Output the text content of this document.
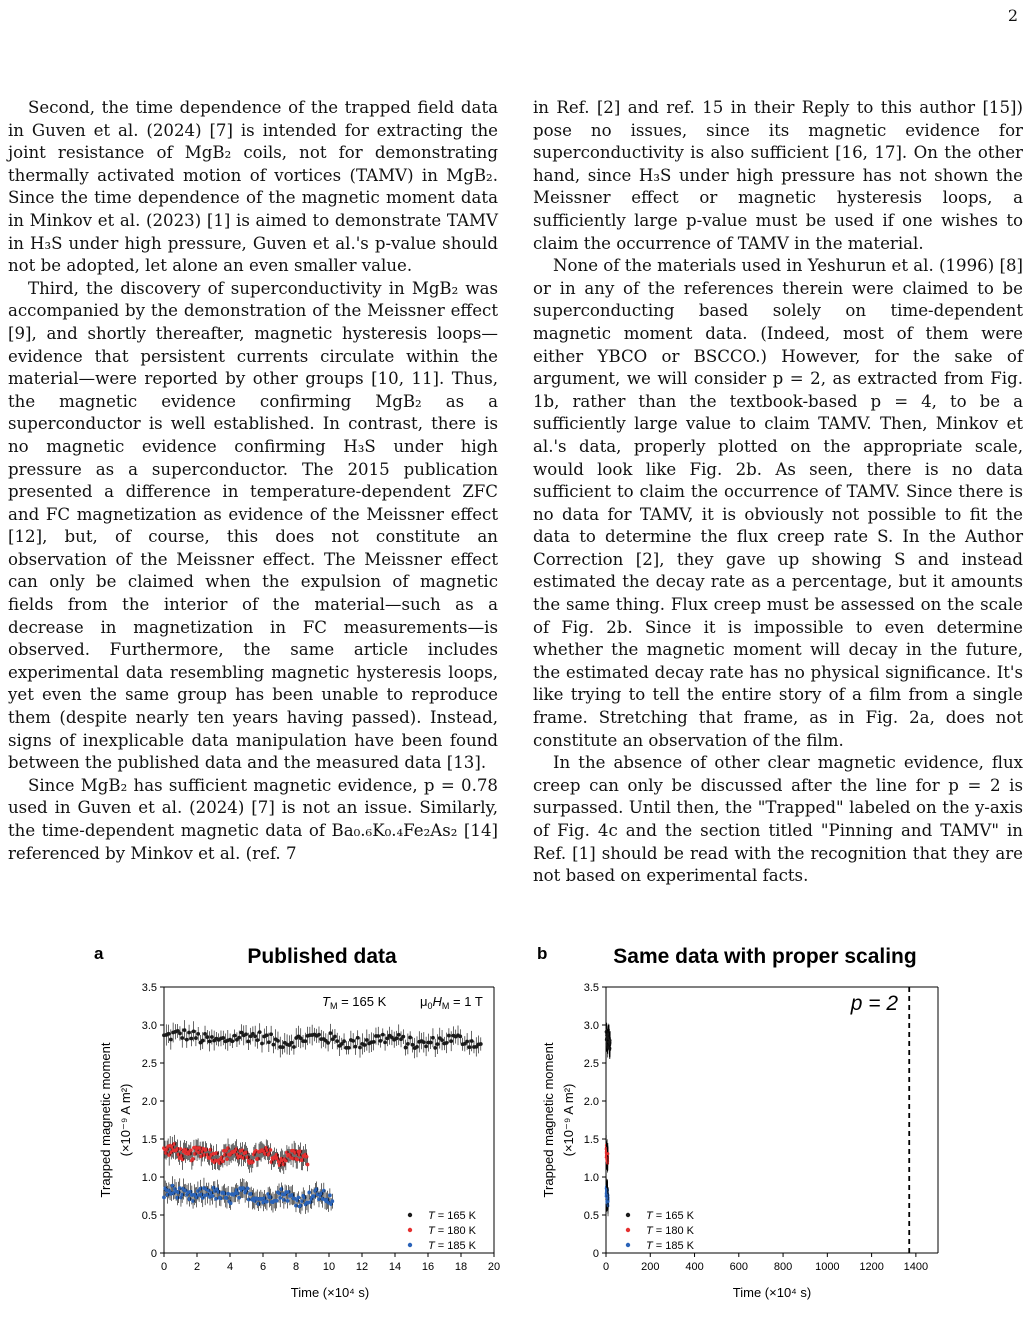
2

Second, the time dependence of the trapped field data in Guven et al. (2024) [7] is intended for extracting the joint resistance of MgB₂ coils, not for demonstrating thermally activated motion of vortices (TAMV) in MgB₂. Since the time dependence of the magnetic moment data in Minkov et al. (2023) [1] is aimed to demonstrate TAMV in H₃S under high pressure, Guven et al.'s p-value should not be adopted, let alone an even smaller value.

Third, the discovery of superconductivity in MgB₂ was accompanied by the demonstration of the Meissner effect [9], and shortly thereafter, magnetic hysteresis loops—evidence that persistent currents circulate within the material—were reported by other groups [10, 11]. Thus, the magnetic evidence confirming MgB₂ as a superconductor is well established. In contrast, there is no magnetic evidence confirming H₃S under high pressure as a superconductor. The 2015 publication presented a difference in temperature-dependent ZFC and FC magnetization as evidence of the Meissner effect [12], but, of course, this does not constitute an observation of the Meissner effect. The Meissner effect can only be claimed when the expulsion of magnetic fields from the interior of the material—such as a decrease in magnetization in FC measurements—is observed. Furthermore, the same article includes experimental data resembling magnetic hysteresis loops, yet even the same group has been unable to reproduce them (despite nearly ten years having passed). Instead, signs of inexplicable data manipulation have been found between the published data and the measured data [13].

Since MgB₂ has sufficient magnetic evidence, p = 0.78 used in Guven et al. (2024) [7] is not an issue. Similarly, the time-dependent magnetic data of Ba₀.₆K₀.₄Fe₂As₂ [14] referenced by Minkov et al. (ref. 7

in Ref. [2] and ref. 15 in their Reply to this author [15]) pose no issues, since its magnetic evidence for superconductivity is also sufficient [16, 17]. On the other hand, since H₃S under high pressure has not shown the Meissner effect or magnetic hysteresis loops, a sufficiently large p-value must be used if one wishes to claim the occurrence of TAMV in the material.

None of the materials used in Yeshurun et al. (1996) [8] or in any of the references therein were claimed to be superconducting based solely on time-dependent magnetic moment data. (Indeed, most of them were either YBCO or BSCCO.) However, for the sake of argument, we will consider p = 2, as extracted from Fig. 1b, rather than the textbook-based p = 4, to be a sufficiently large value to claim TAMV. Then, Minkov et al.'s data, properly plotted on the appropriate scale, would look like Fig. 2b. As seen, there is no data sufficient to claim the occurrence of TAMV. Since there is no data for TAMV, it is obviously not possible to fit the data to determine the flux creep rate S. In the Author Correction [2], they gave up showing S and instead estimated the decay rate as a percentage, but it amounts the same thing. Flux creep must be assessed on the scale of Fig. 2b. Since it is impossible to even determine whether the magnetic moment will decay in the future, the estimated decay rate has no physical significance. It's like trying to tell the entire story of a film from a single frame. Stretching that frame, as in Fig. 2a, does not constitute an observation of the film.

In the absence of other clear magnetic evidence, flux creep can only be discussed after the line for p = 2 is surpassed. Until then, the "Trapped" labeled on the y-axis of Fig. 4c and the section titled "Pinning and TAMV" in Ref. [1] should be read with the recognition that they are not based on experimental facts.

a	Published data
$T_M = 165$ K	$\mu_0H_M = 1$ T
0
0.5
1.0
1.5
2.0
2.5
3.0
3.5
0 2 4 6 8 10 12 14 16 18 20
T = 165 K
T = 180 K
T = 185 K
Trapped magnetic moment (×10⁻⁹ A m²)
Time (×10⁴ s)
b	Same data with proper scaling
0
0.5
1.0
1.5
2.0
2.5
3.0
3.5
0	200 400 600 800 1000 1200 1400
T = 165 K
T = 180 K
T = 185 K
p = 2
Trapped magnetic moment (×10⁻⁹ A m²)
Time (×10⁴ s)
